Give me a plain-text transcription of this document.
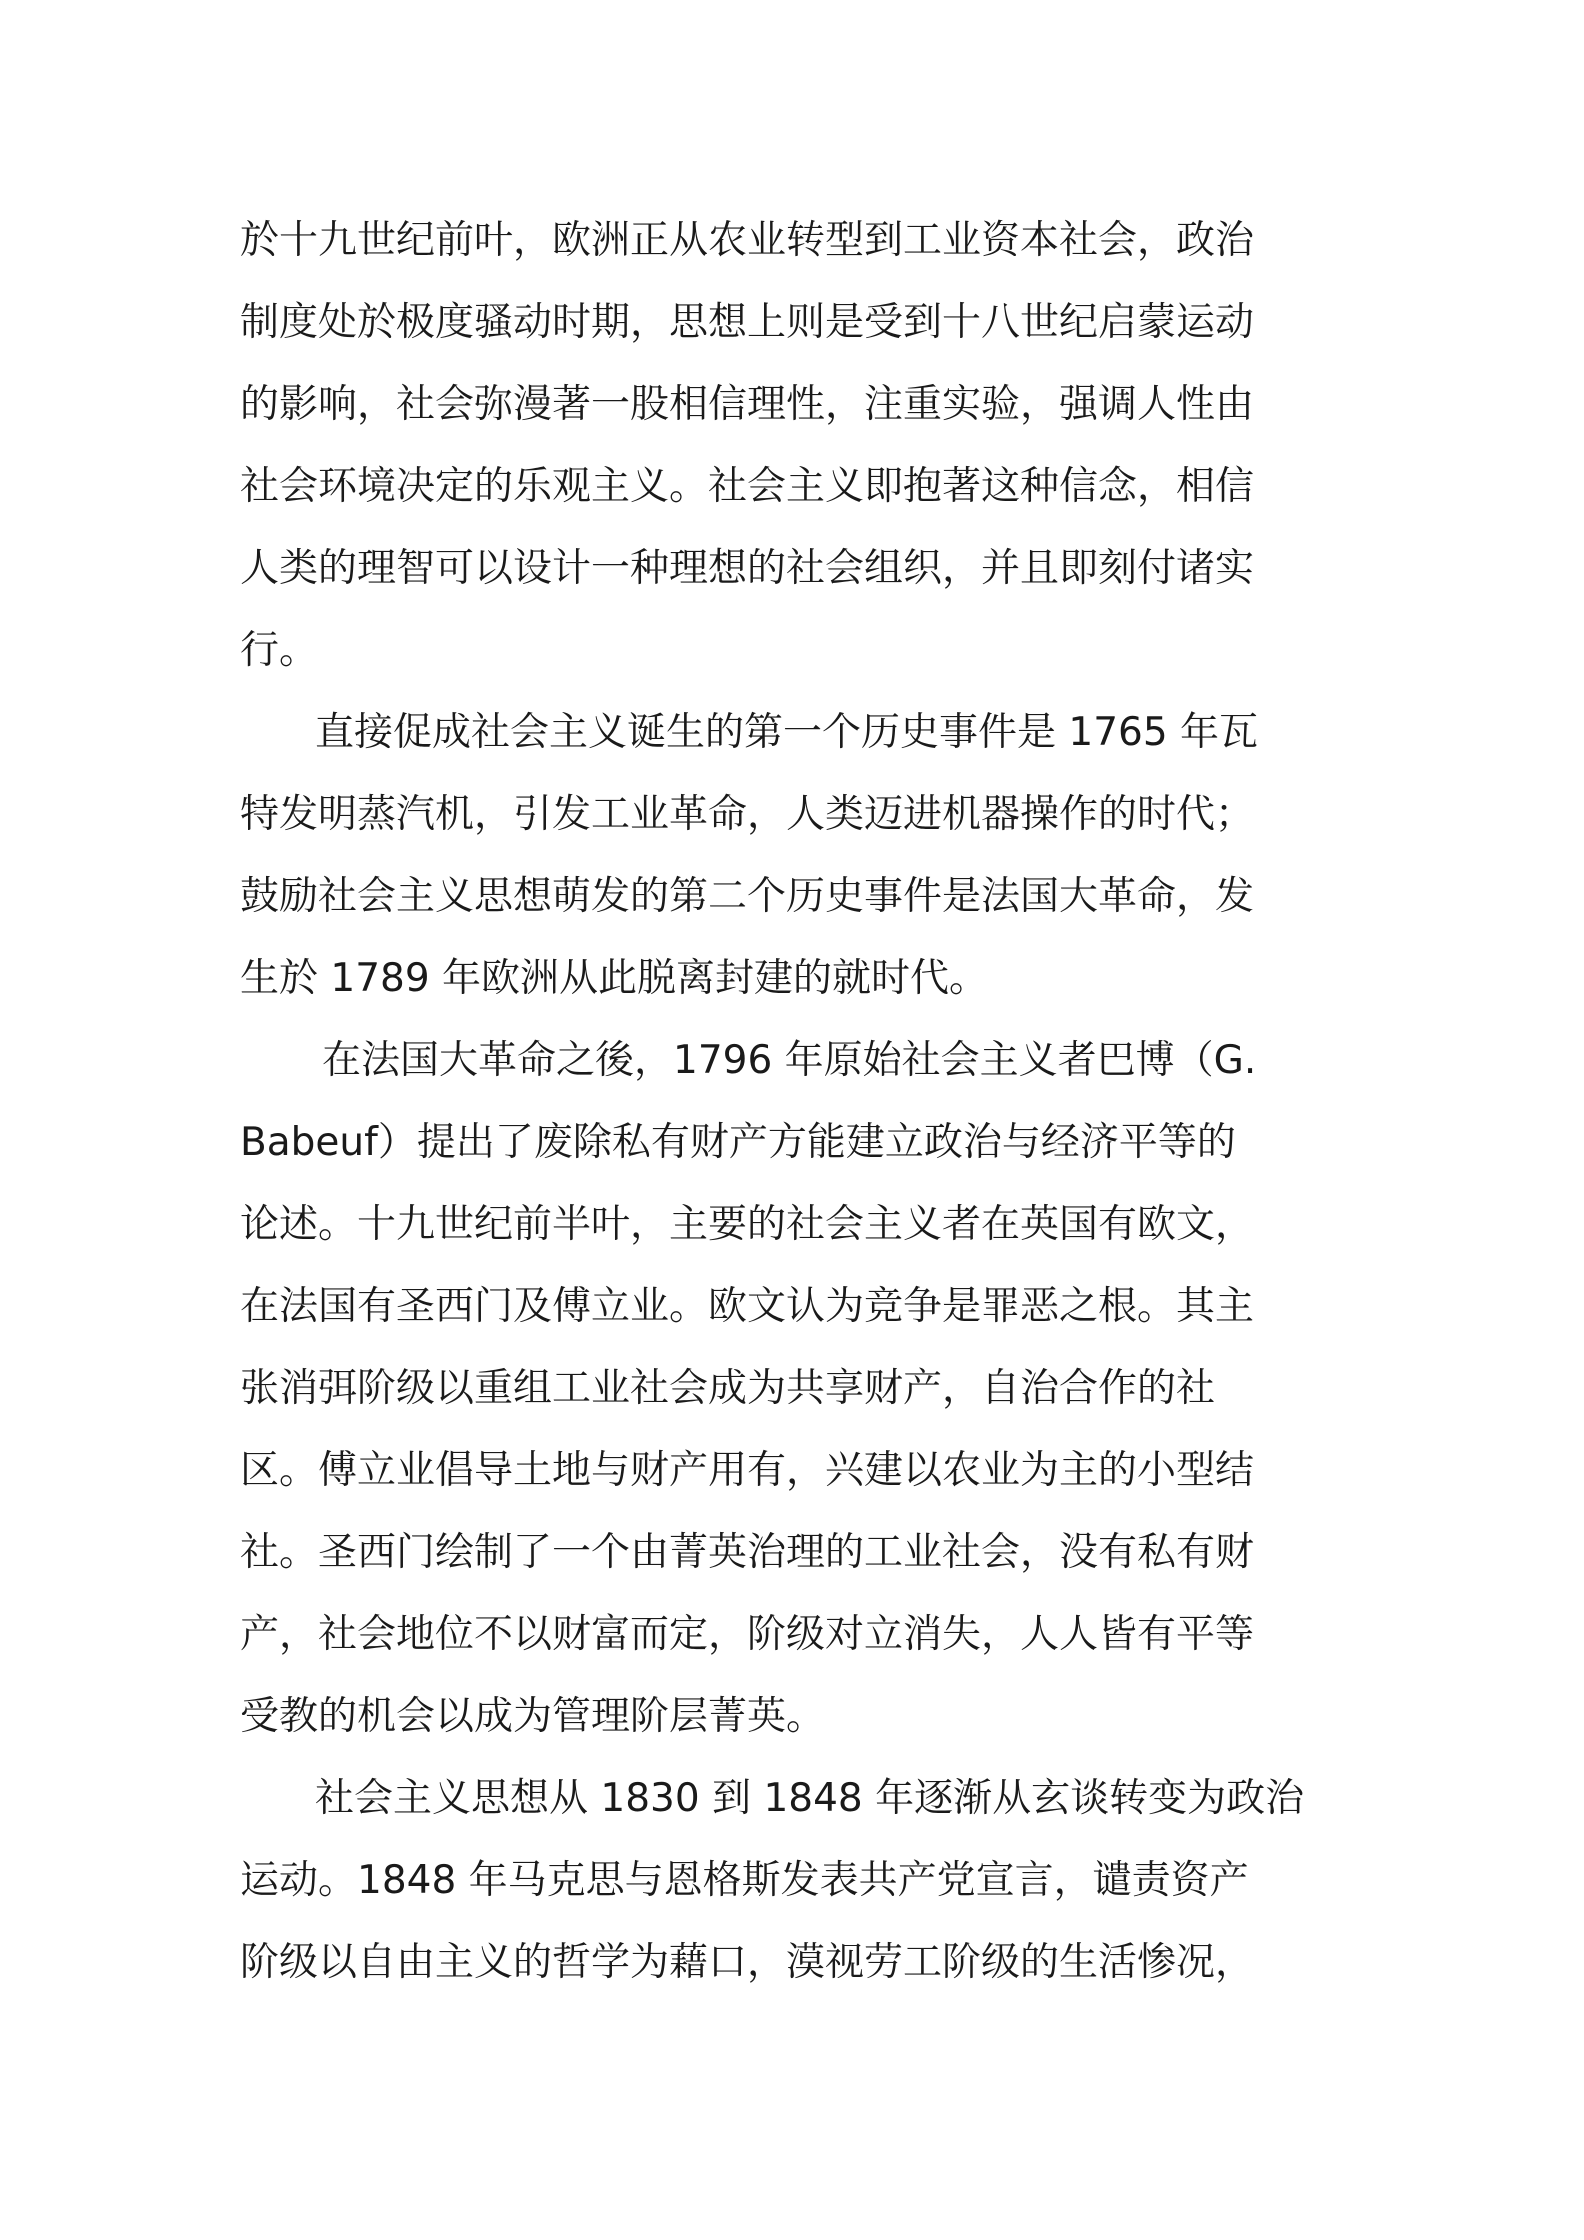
於十九世纪前叶，欧洲正从农业转型到工业资本社会，政治
制度处於极度骚动时期，思想上则是受到十八世纪启蒙运动
的影响，社会弥漫著一股相信理性，注重实验，强调人性由
社会环境决定的乐观主义。社会主义即抱著这种信念，相信
人类的理智可以设计一种理想的社会组织，并且即刻付诸实
行。
直接促成社会主义诞生的第一个历史事件是 1765 年瓦
特发明蒸汽机，引发工业革命，人类迈进机器操作的时代；
鼓励社会主义思想萌发的第二个历史事件是法国大革命，发
生於 1789 年欧洲从此脱离封建的就时代。
在法国大革命之後，1796 年原始社会主义者巴博（G.
Babeuf）提出了废除私有财产方能建立政治与经济平等的
论述。十九世纪前半叶，主要的社会主义者在英国有欧文，
在法国有圣西门及傅立业。欧文认为竞争是罪恶之根。其主
张消弭阶级以重组工业社会成为共享财产，自治合作的社
区。傅立业倡导土地与财产用有，兴建以农业为主的小型结
社。圣西门绘制了一个由菁英治理的工业社会，没有私有财
产，社会地位不以财富而定，阶级对立消失，人人皆有平等
受教的机会以成为管理阶层菁英。
社会主义思想从 1830 到 1848 年逐渐从玄谈转变为政治
运动。1848 年马克思与恩格斯发表共产党宣言，谴责资产
阶级以自由主义的哲学为藉口，漠视劳工阶级的生活惨况，
